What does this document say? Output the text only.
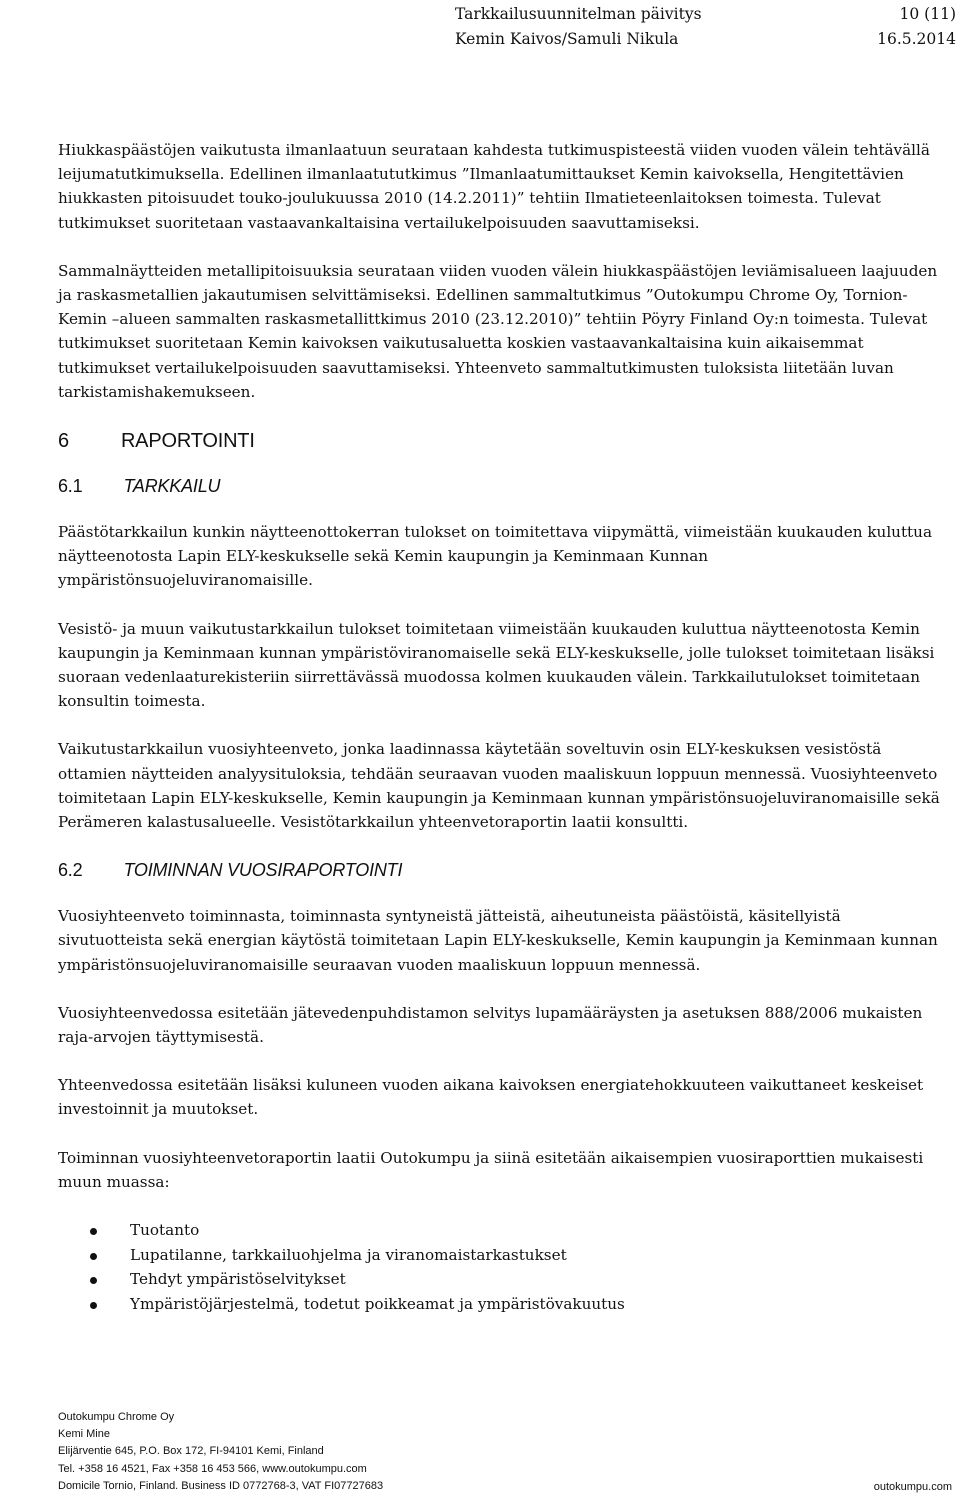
Tarkkailusuunnitelman päivitys
Kemin Kaivos/Samuli Nikula
10 (11)
16.5.2014

Hiukkaspäästöjen vaikutusta ilmanlaatuun seurataan kahdesta tutkimuspisteestä viiden vuoden välein tehtävällä leijumatutkimuksella. Edellinen ilmanlaatututkimus ”Ilmanlaatumittaukset Kemin kaivoksella, Hengitettävien hiukkasten pitoisuudet touko-joulukuussa 2010 (14.2.2011)” tehtiin Ilmatieteenlaitoksen toimesta. Tulevat tutkimukset suoritetaan vastaavankaltaisina vertailukelpoisuuden saavuttamiseksi.

Sammalnäytteiden metallipitoisuuksia seurataan viiden vuoden välein hiukkaspäästöjen leviämisalueen laajuuden ja raskasmetallien jakautumisen selvittämiseksi. Edellinen sammaltutkimus ”Outokumpu Chrome Oy, Tornion-Kemin –alueen sammalten raskasmetallittkimus 2010 (23.12.2010)” tehtiin Pöyry Finland Oy:n toimesta. Tulevat tutkimukset suoritetaan Kemin kaivoksen vaikutusaluetta koskien vastaavankaltaisina kuin aikaisemmat tutkimukset vertailukelpoisuuden saavuttamiseksi. Yhteenveto sammaltutkimusten tuloksista liitetään luvan tarkistamishakemukseen.

6	RAPORTOINTI
6.1 TARKKAILU

Päästötarkkailun kunkin näytteenottokerran tulokset on toimitettava viipymättä, viimeistään kuukauden kuluttua näytteenotosta Lapin ELY-keskukselle sekä Kemin kaupungin ja Keminmaan Kunnan ympäristönsuojeluviranomaisille.

Vesistö- ja muun vaikutustarkkailun tulokset toimitetaan viimeistään kuukauden kuluttua näytteenotosta Kemin kaupungin ja Keminmaan kunnan ympäristöviranomaiselle sekä ELY-keskukselle, jolle tulokset toimitetaan lisäksi suoraan vedenlaaturekisteriin siirrettävässä muodossa kolmen kuukauden välein. Tarkkailutulokset toimitetaan konsultin toimesta.

Vaikutustarkkailun vuosiyhteenveto, jonka laadinnassa käytetään soveltuvin osin ELY-keskuksen vesistöstä ottamien näytteiden analyysituloksia, tehdään seuraavan vuoden maaliskuun loppuun mennessä. Vuosiyhteenveto toimitetaan Lapin ELY-keskukselle, Kemin kaupungin ja Keminmaan kunnan ympäristönsuojeluviranomaisille sekä Perämeren kalastusalueelle. Vesistötarkkailun yhteenvetoraportin laatii konsultti.

6.2 TOIMINNAN VUOSIRAPORTOINTI

Vuosiyhteenveto toiminnasta, toiminnasta syntyneistä jätteistä, aiheutuneista päästöistä, käsitellyistä sivutuotteista sekä energian käytöstä toimitetaan Lapin ELY-keskukselle, Kemin kaupungin ja Keminmaan kunnan ympäristönsuojeluviranomaisille seuraavan vuoden maaliskuun loppuun mennessä.

Vuosiyhteenvedossa esitetään jätevedenpuhdistamon selvitys lupamääräysten ja asetuksen 888/2006 mukaisten raja-arvojen täyttymisestä.

Yhteenvedossa esitetään lisäksi kuluneen vuoden aikana kaivoksen energiatehokkuuteen vaikuttaneet keskeiset investoinnit ja muutokset.

Toiminnan vuosiyhteenvetoraportin laatii Outokumpu ja siinä esitetään aikaisempien vuosiraporttien mukaisesti muun muassa:

Tuotanto
Lupatilanne, tarkkailuohjelma ja viranomaistarkastukset
Tehdyt ympäristöselvitykset
Ympäristöjärjestelmä, todetut poikkeamat ja ympäristövakuutus
Outokumpu Chrome Oy
Kemi Mine
Elijärventie 645, P.O. Box 172, FI-94101 Kemi, Finland
Tel. +358 16 4521, Fax +358 16 453 566, www.outokumpu.com
Domicile Tornio, Finland. Business ID 0772768-3, VAT FI07727683	outokumpu.com
